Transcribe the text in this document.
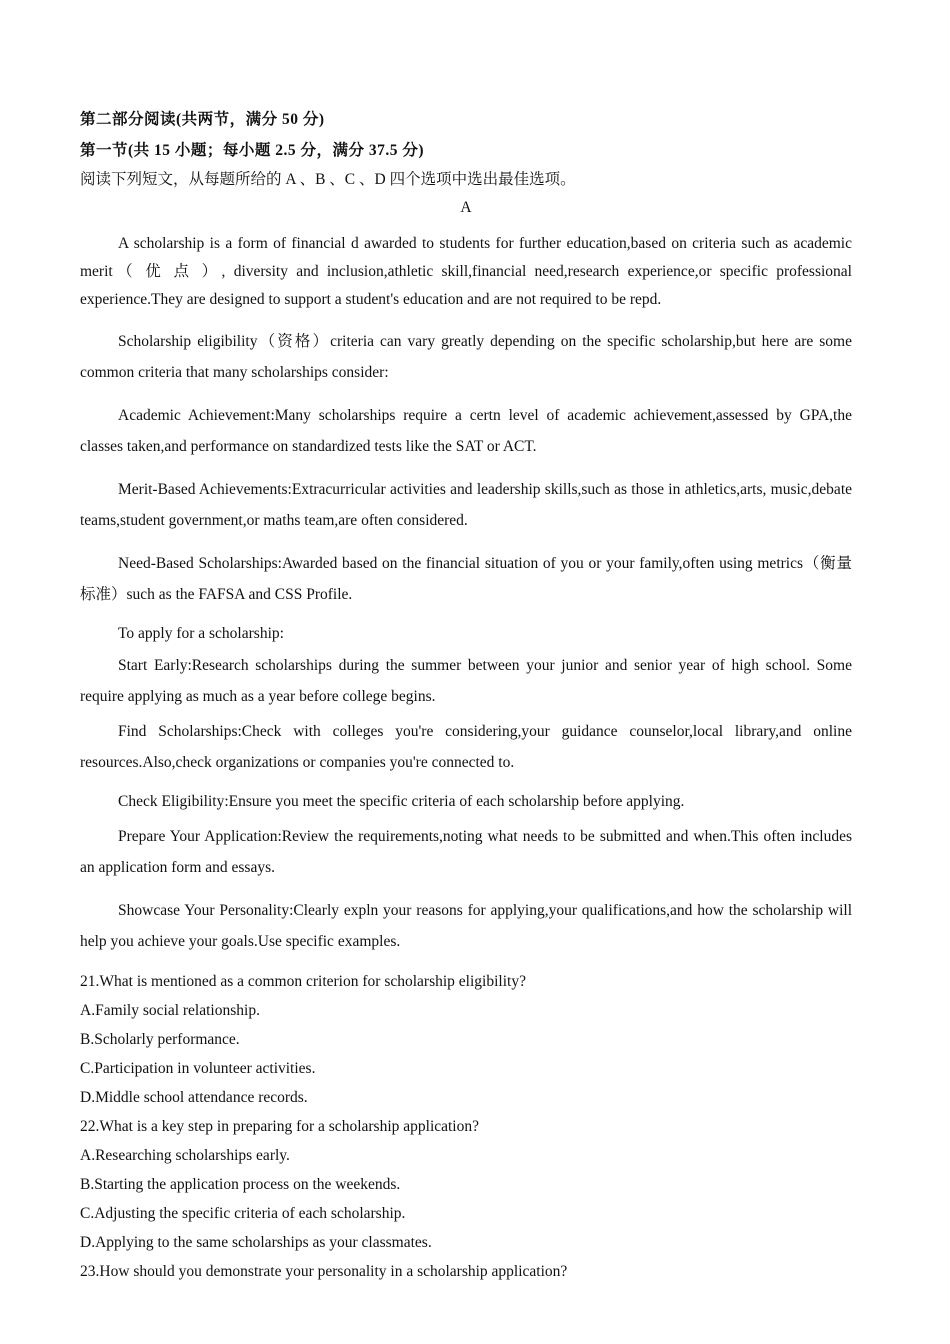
第二部分阅读(共两节，满分 50 分)
第一节(共 15 小题；每小题 2.5 分，满分 37.5 分)
阅读下列短文，从每题所给的 A 、B 、C 、D 四个选项中选出最佳选项。
A
A scholarship is a form of financial d awarded to students for further education,based on criteria such as academic merit（ 优 点 ）, diversity and inclusion,athletic skill,financial need,research experience,or specific professional experience.They are designed to support a student's education and are not required to be repd.
Scholarship eligibility（资格）criteria can vary greatly depending on the specific scholarship,but here are some common criteria that many scholarships consider:
Academic Achievement:Many scholarships require a certn level of academic achievement,assessed by GPA,the classes taken,and performance on standardized tests like the SAT or ACT.
Merit-Based Achievements:Extracurricular activities and leadership skills,such as those in athletics,arts, music,debate teams,student government,or maths team,are often considered.
Need-Based Scholarships:Awarded based on the financial situation of you or your family,often using metrics（衡量标准）such as the FAFSA and CSS Profile.
To apply for a scholarship:
Start Early:Research scholarships during the summer between your junior and senior year of high school. Some require applying as much as a year before college begins.
Find Scholarships:Check with colleges you're considering,your guidance counselor,local library,and online resources.Also,check organizations or companies you're connected to.
Check Eligibility:Ensure you meet the specific criteria of each scholarship before applying.
Prepare Your Application:Review the requirements,noting what needs to be submitted and when.This often includes an application form and essays.
Showcase Your Personality:Clearly expln your reasons for applying,your qualifications,and how the scholarship will help you achieve your goals.Use specific examples.
21.What is mentioned as a common criterion for scholarship eligibility?
A.Family social relationship.
B.Scholarly performance.
C.Participation in volunteer activities.
D.Middle school attendance records.
22.What is a key step in preparing for a scholarship application?
A.Researching scholarships early.
B.Starting the application process on the weekends.
C.Adjusting the specific criteria of each scholarship.
D.Applying to the same scholarships as your classmates.
23.How should you demonstrate your personality in a scholarship application?
